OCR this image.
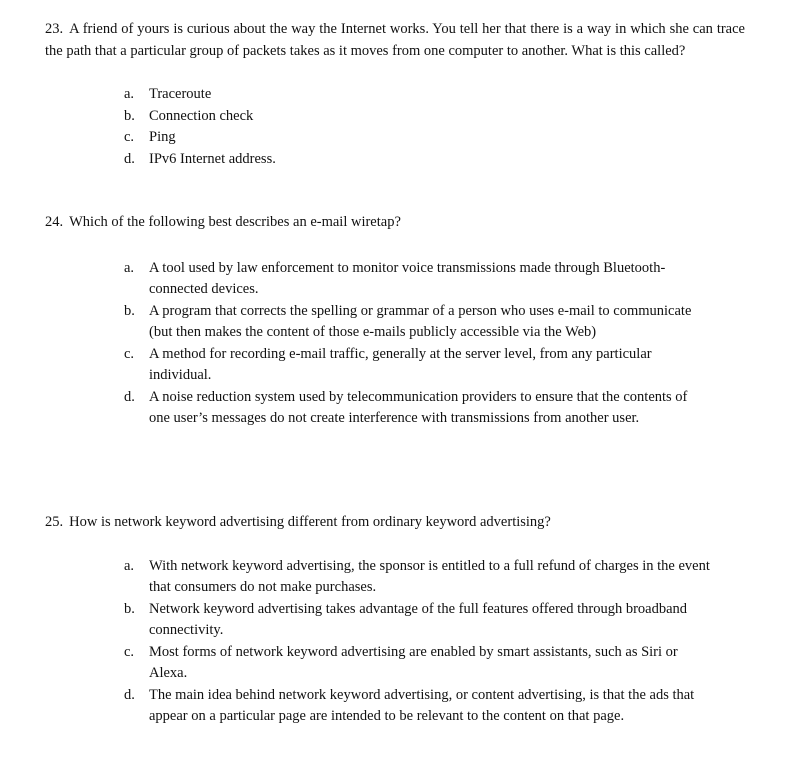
23. A friend of yours is curious about the way the Internet works. You tell her that there is a way in which she can trace the path that a particular group of packets takes as it moves from one computer to another. What is this called?

a. Traceroute
b. Connection check
c. Ping
d. IPv6 Internet address.

24. Which of the following best describes an e-mail wiretap?

a. A tool used by law enforcement to monitor voice transmissions made through Bluetooth-connected devices.
b. A program that corrects the spelling or grammar of a person who uses e-mail to communicate (but then makes the content of those e-mails publicly accessible via the Web)
c. A method for recording e-mail traffic, generally at the server level, from any particular individual.
d. A noise reduction system used by telecommunication providers to ensure that the contents of one user’s messages do not create interference with transmissions from another user.

25. How is network keyword advertising different from ordinary keyword advertising?

a. With network keyword advertising, the sponsor is entitled to a full refund of charges in the event that consumers do not make purchases.
b. Network keyword advertising takes advantage of the full features offered through broadband connectivity.
c. Most forms of network keyword advertising are enabled by smart assistants, such as Siri or Alexa.
d. The main idea behind network keyword advertising, or content advertising, is that the ads that appear on a particular page are intended to be relevant to the content on that page.
